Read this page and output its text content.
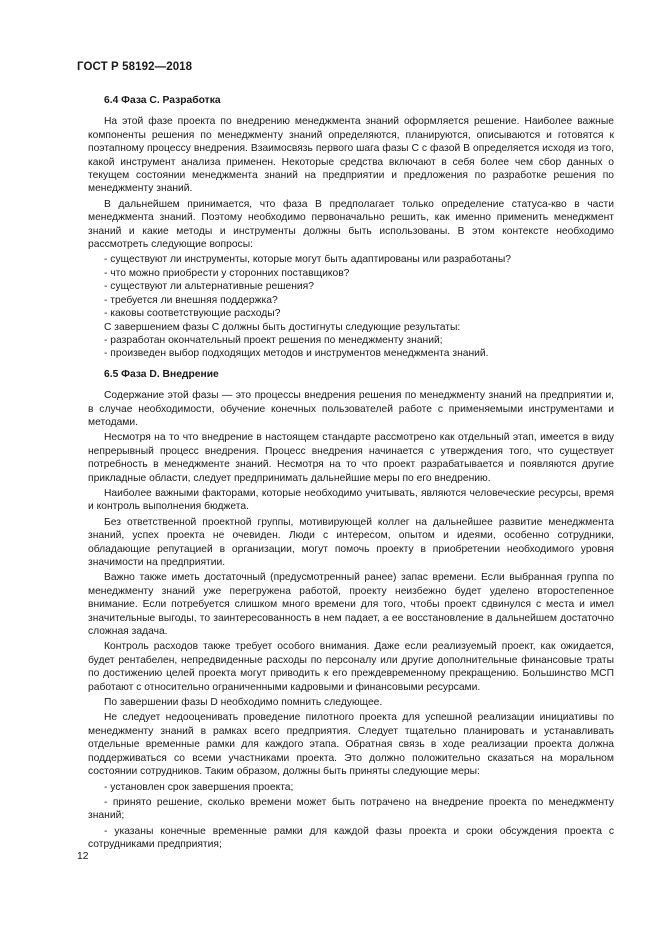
ГОСТ Р 58192—2018
6.4 Фаза С. Разработка

На этой фазе проекта по внедрению менеджмента знаний оформляется решение. Наиболее важные компоненты решения по менеджменту знаний определяются, планируются, описываются и готовятся к поэтапному процессу внедрения. Взаимосвязь первого шага фазы С с фазой В определяется исходя из того, какой инструмент анализа применен. Некоторые средства включают в себя более чем сбор данных о текущем состоянии менеджмента знаний на предприятии и предложения по разработке решения по менеджменту знаний.

В дальнейшем принимается, что фаза В предполагает только определение статуса-кво в части менеджмента знаний. Поэтому необходимо первоначально решить, как именно применить менеджмент знаний и какие методы и инструменты должны быть использованы. В этом контексте необходимо рассмотреть следующие вопросы:

- существуют ли инструменты, которые могут быть адаптированы или разработаны?

- что можно приобрести у сторонних поставщиков?

- существуют ли альтернативные решения?

- требуется ли внешняя поддержка?

- каковы соответствующие расходы?

С завершением фазы С должны быть достигнуты следующие результаты:

- разработан окончательный проект решения по менеджменту знаний;

- произведен выбор подходящих методов и инструментов менеджмента знаний.

6.5 Фаза D. Внедрение

Содержание этой фазы — это процессы внедрения решения по менеджменту знаний на предприятии и, в случае необходимости, обучение конечных пользователей работе с применяемыми инструментами и методами.

Несмотря на то что внедрение в настоящем стандарте рассмотрено как отдельный этап, имеется в виду непрерывный процесс внедрения. Процесс внедрения начинается с утверждения того, что существует потребность в менеджменте знаний. Несмотря на то что проект разрабатывается и появляются другие прикладные области, следует предпринимать дальнейшие меры по его внедрению.

Наиболее важными факторами, которые необходимо учитывать, являются человеческие ресурсы, время и контроль выполнения бюджета.

Без ответственной проектной группы, мотивирующей коллег на дальнейшее развитие менеджмента знаний, успех проекта не очевиден. Люди с интересом, опытом и идеями, особенно сотрудники, обладающие репутацией в организации, могут помочь проекту в приобретении необходимого уровня значимости на предприятии.

Важно также иметь достаточный (предусмотренный ранее) запас времени. Если выбранная группа по менеджменту знаний уже перегружена работой, проекту неизбежно будет уделено второстепенное внимание. Если потребуется слишком много времени для того, чтобы проект сдвинулся с места и имел значительные выгоды, то заинтересованность в нем падает, а ее восстановление в дальнейшем достаточно сложная задача.

Контроль расходов также требует особого внимания. Даже если реализуемый проект, как ожидается, будет рентабелен, непредвиденные расходы по персоналу или другие дополнительные финансовые траты по достижению целей проекта могут приводить к его преждевременному прекращению. Большинство МСП работают с относительно ограниченными кадровыми и финансовыми ресурсами.

По завершении фазы D необходимо помнить следующее.

Не следует недооценивать проведение пилотного проекта для успешной реализации инициативы по менеджменту знаний в рамках всего предприятия. Следует тщательно планировать и устанавливать отдельные временные рамки для каждого этапа. Обратная связь в ходе реализации проекта должна поддерживаться со всеми участниками проекта. Это должно положительно сказаться на моральном состоянии сотрудников. Таким образом, должны быть приняты следующие меры:

- установлен срок завершения проекта;

- принято решение, сколько времени может быть потрачено на внедрение проекта по менеджменту знаний;

- указаны конечные временные рамки для каждой фазы проекта и сроки обсуждения проекта с сотрудниками предприятия;

12
